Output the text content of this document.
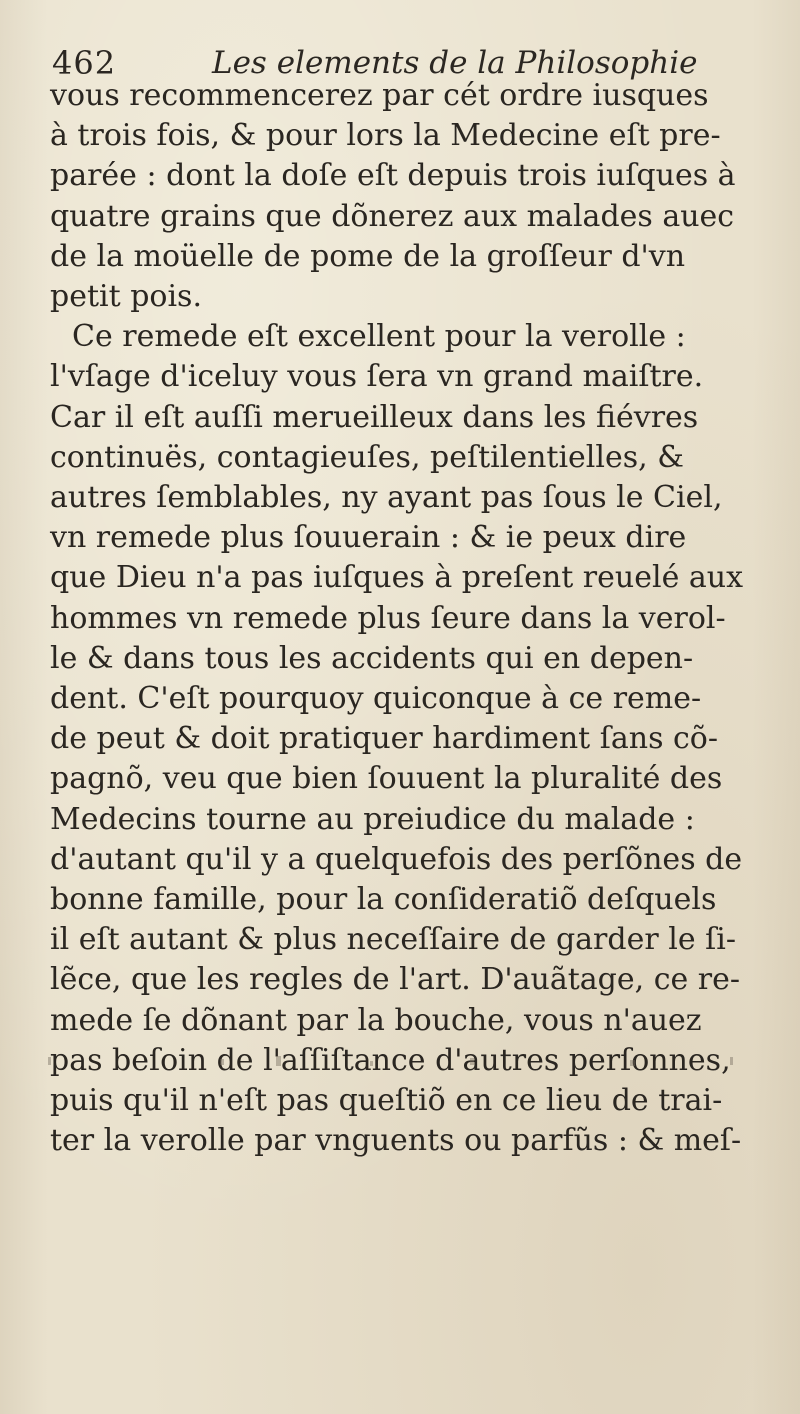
462	Les elements de la Philosophie
vous recommencerez par cét ordre iusques
à trois fois, & pour lors la Medecine eſt pre-
parée : dont la doſe eſt depuis trois iuſques à
quatre grains que dõnerez aux malades auec
de la moüelle de pome de la groſſeur d'vn
petit pois.
Ce remede eſt excellent pour la verolle :
l'vſage d'iceluy vous ſera vn grand maiſtre.
Car il eſt auſſi merueilleux dans les fiévres
continuës, contagieuſes, peſtilentielles, &
autres ſemblables, ny ayant pas ſous le Ciel,
vn remede plus ſouuerain : & ie peux dire
que Dieu n'a pas iuſques à preſent reuelé aux
hommes vn remede plus ſeure dans la verol-
le & dans tous les accidents qui en depen-
dent. C'eſt pourquoy quiconque à ce reme-
de peut & doit pratiquer hardiment ſans cõ-
pagnõ, veu que bien ſouuent la pluralité des
Medecins tourne au preiudice du malade :
d'autant qu'il y a quelquefois des perſõnes de
bonne famille, pour la conſideratiõ deſquels
il eſt autant & plus neceſſaire de garder le ſi-
lẽce, que les regles de l'art. D'auãtage, ce re-
mede ſe dõnant par la bouche, vous n'auez
pas beſoin de l'aſſiſtance d'autres perſonnes,
puis qu'il n'eſt pas queſtiõ en ce lieu de trai-
ter la verolle par vnguents ou parfũs : & meſ-
